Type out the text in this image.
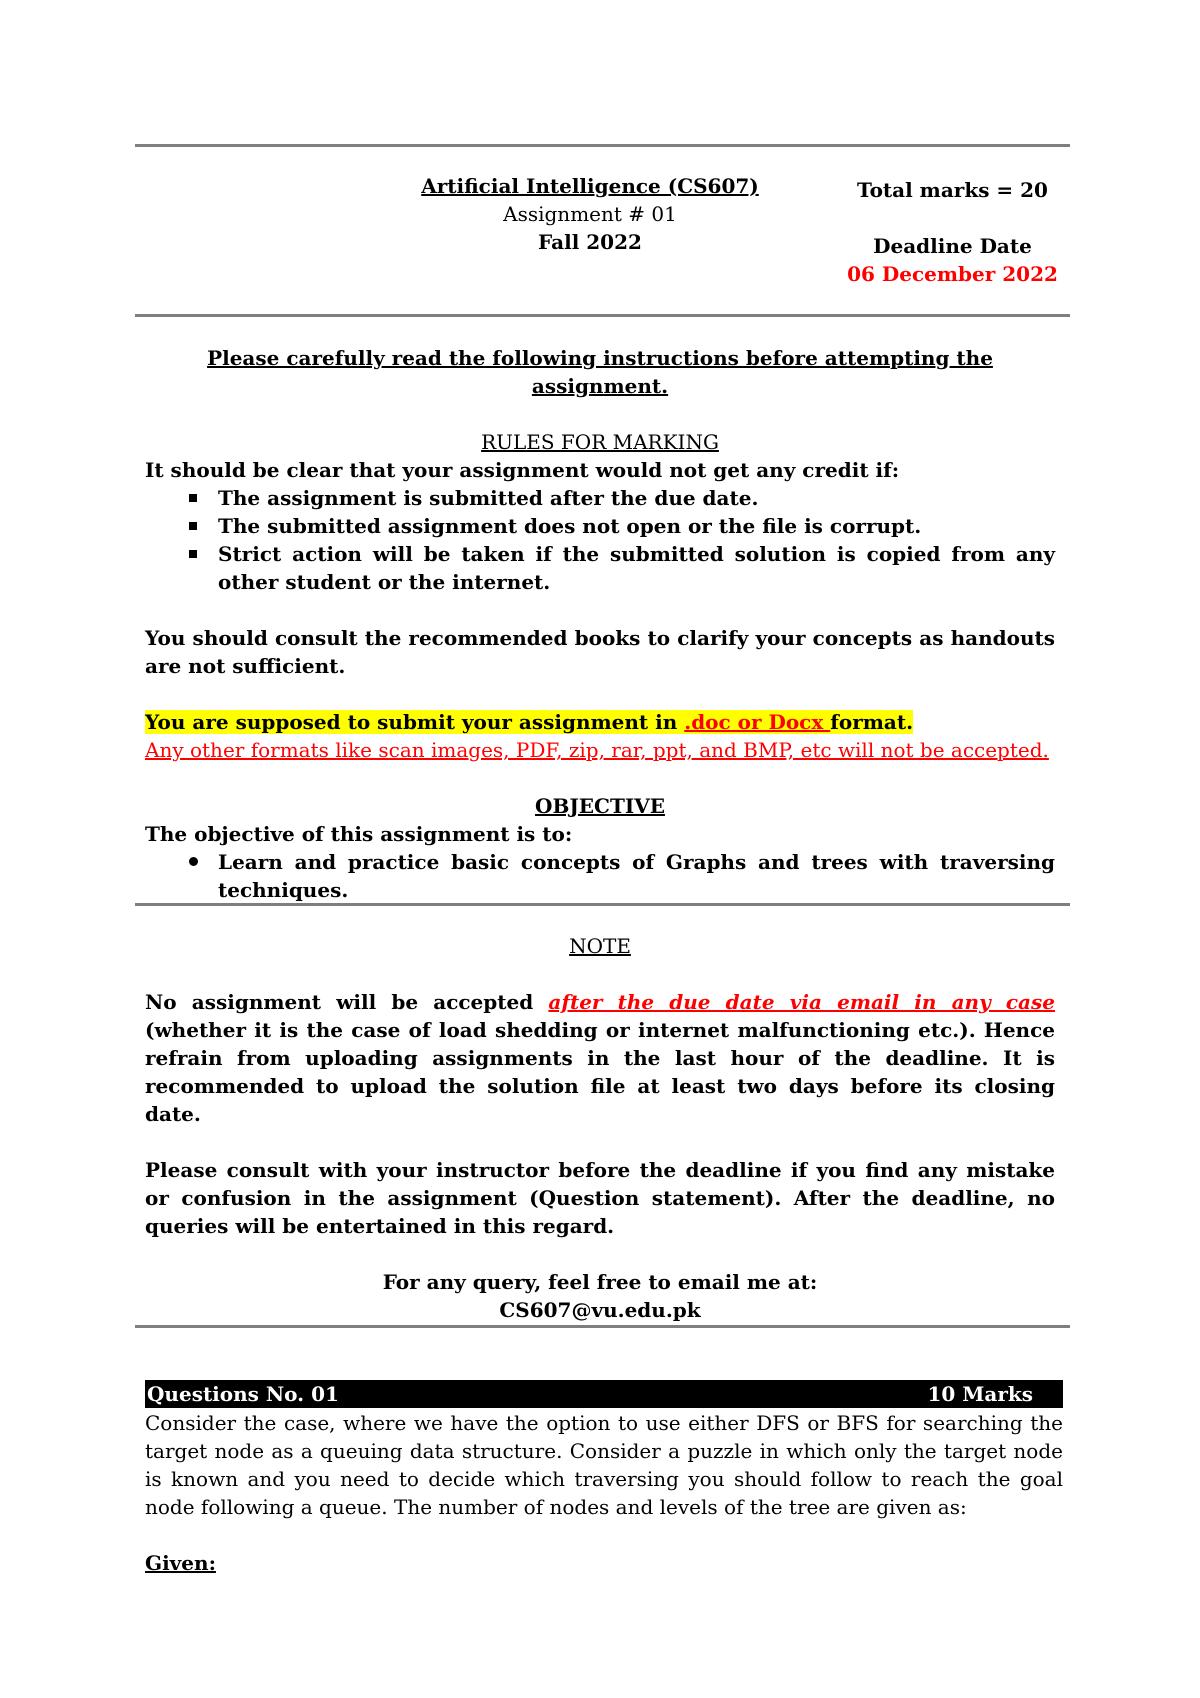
Artificial Intelligence (CS607)
Assignment # 01
Fall 2022
Total marks = 20
Deadline Date
06 December 2022

Please carefully read the following instructions before attempting the assignment.

RULES FOR MARKING

It should be clear that your assignment would not get any credit if:

The assignment is submitted after the due date.
The submitted assignment does not open or the file is corrupt.
Strict action will be taken if the submitted solution is copied from any other student or the internet.

You should consult the recommended books to clarify your concepts as handouts are not sufficient.

You are supposed to submit your assignment in .doc or Docx format.

Any other formats like scan images, PDF, zip, rar, ppt, and BMP, etc will not be accepted.

OBJECTIVE

The objective of this assignment is to:

Learn and practice basic concepts of Graphs and trees with traversing techniques.

NOTE

No assignment will be accepted after the due date via email in any case (whether it is the case of load shedding or internet malfunctioning etc.). Hence refrain from uploading assignments in the last hour of the deadline. It is recommended to upload the solution file at least two days before its closing date.

Please consult with your instructor before the deadline if you find any mistake or confusion in the assignment (Question statement). After the deadline, no queries will be entertained in this regard.

For any query, feel free to email me at:

CS607@vu.edu.pk

Questions No. 01	10 Marks

Consider the case, where we have the option to use either DFS or BFS for searching the target node as a queuing data structure. Consider a puzzle in which only the target node is known and you need to decide which traversing you should follow to reach the goal node following a queue. The number of nodes and levels of the tree are given as:

Given:
